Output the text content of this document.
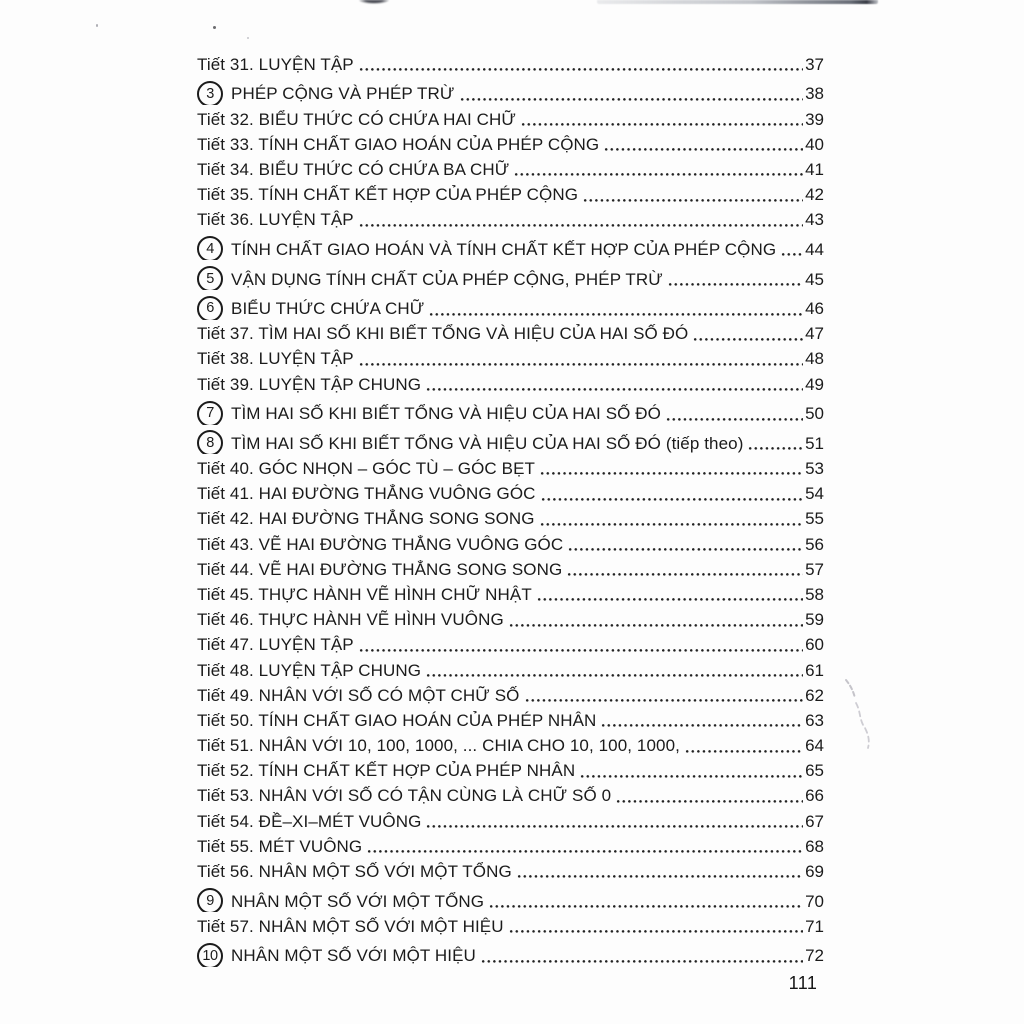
Tiết 31. LUYỆN TẬP	37
3 PHÉP CỘNG VÀ PHÉP TRỪ	38
Tiết 32. BIỂU THỨC CÓ CHỨA HAI CHỮ	39
Tiết 33. TÍNH CHẤT GIAO HOÁN CỦA PHÉP CỘNG	40
Tiết 34. BIỂU THỨC CÓ CHỨA BA CHỮ	41
Tiết 35. TÍNH CHẤT KẾT HỢP CỦA PHÉP CỘNG	42
Tiết 36. LUYỆN TẬP	43
4 TÍNH CHẤT GIAO HOÁN VÀ TÍNH CHẤT KẾT HỢP CỦA PHÉP CỘNG 44
5 VẬN DỤNG TÍNH CHẤT CỦA PHÉP CỘNG, PHÉP TRỪ	45
6 BIỂU THỨC CHỨA CHỮ	46
Tiết 37. TÌM HAI SỐ KHI BIẾT TỔNG VÀ HIỆU CỦA HAI SỐ ĐÓ	47
Tiết 38. LUYỆN TẬP	48
Tiết 39. LUYỆN TẬP CHUNG	49
7 TÌM HAI SỐ KHI BIẾT TỔNG VÀ HIỆU CỦA HAI SỐ ĐÓ	50
8 TÌM HAI SỐ KHI BIẾT TỔNG VÀ HIỆU CỦA HAI SỐ ĐÓ (tiếp theo)	51
Tiết 40. GÓC NHỌN – GÓC TÙ – GÓC BẸT	53
Tiết 41. HAI ĐƯỜNG THẲNG VUÔNG GÓC	54
Tiết 42. HAI ĐƯỜNG THẲNG SONG SONG	55
Tiết 43. VẼ HAI ĐƯỜNG THẲNG VUÔNG GÓC	56
Tiết 44. VẼ HAI ĐƯỜNG THẲNG SONG SONG	57
Tiết 45. THỰC HÀNH VẼ HÌNH CHỮ NHẬT	58
Tiết 46. THỰC HÀNH VẼ HÌNH VUÔNG	59
Tiết 47. LUYỆN TẬP	60
Tiết 48. LUYỆN TẬP CHUNG	61
Tiết 49. NHÂN VỚI SỐ CÓ MỘT CHỮ SỐ	62
Tiết 50. TÍNH CHẤT GIAO HOÁN CỦA PHÉP NHÂN	63
Tiết 51. NHÂN VỚI 10, 100, 1000, ... CHIA CHO 10, 100, 1000,	64
Tiết 52. TÍNH CHẤT KẾT HỢP CỦA PHÉP NHÂN	65
Tiết 53. NHÂN VỚI SỐ CÓ TẬN CÙNG LÀ CHỮ SỐ 0	66
Tiết 54. ĐỀ–XI–MÉT VUÔNG	67
Tiết 55. MÉT VUÔNG	68
Tiết 56. NHÂN MỘT SỐ VỚI MỘT TỔNG	69
9 NHÂN MỘT SỐ VỚI MỘT TỔNG	70
Tiết 57. NHÂN MỘT SỐ VỚI MỘT HIỆU	71
10 NHÂN MỘT SỐ VỚI MỘT HIỆU	72
111
